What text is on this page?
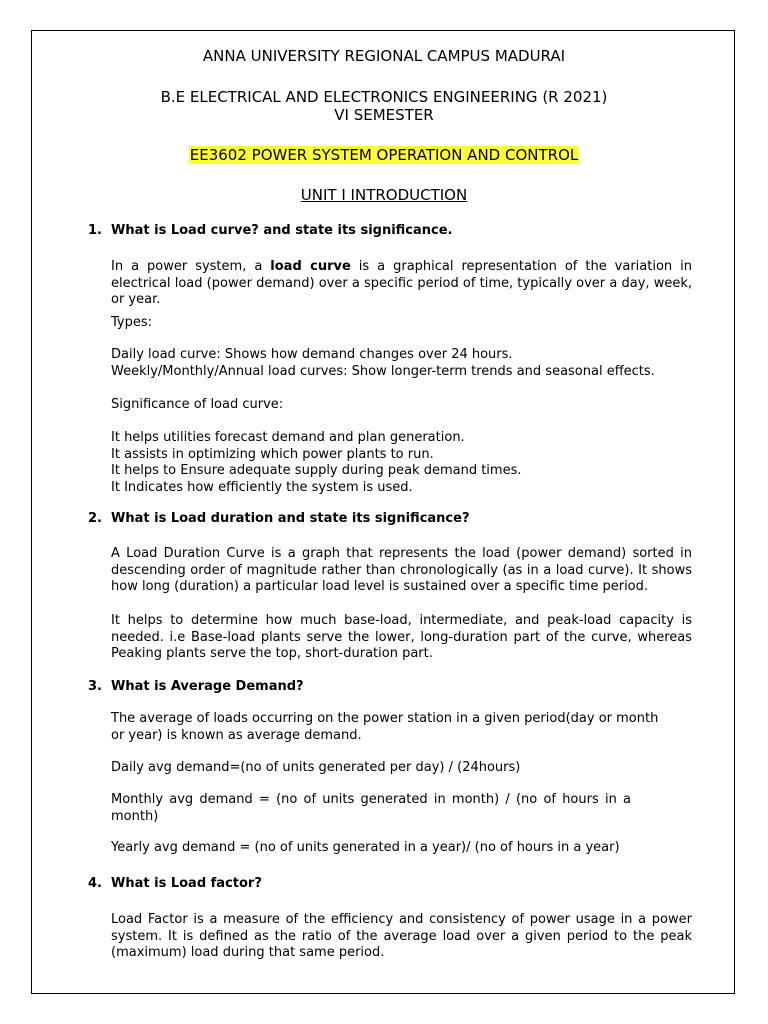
ANNA UNIVERSITY REGIONAL CAMPUS MADURAI
B.E ELECTRICAL AND ELECTRONICS ENGINEERING (R 2021)
VI SEMESTER
EE3602 POWER SYSTEM OPERATION AND CONTROL
UNIT I INTRODUCTION
1. What is Load curve? and state its significance.

In a power system, a load curve is a graphical representation of the variation in electrical load (power demand) over a specific period of time, typically over a day, week, or year.

Types:
Daily load curve: Shows how demand changes over 24 hours.
Weekly/Monthly/Annual load curves: Show longer-term trends and seasonal effects.
Significance of load curve:
It helps utilities forecast demand and plan generation.
It assists in optimizing which power plants to run.
It helps to Ensure adequate supply during peak demand times.
It Indicates how efficiently the system is used.
2. What is Load duration and state its significance?

A Load Duration Curve is a graph that represents the load (power demand) sorted in descending order of magnitude rather than chronologically (as in a load curve). It shows how long (duration) a particular load level is sustained over a specific time period.

It helps to determine how much base-load, intermediate, and peak-load capacity is needed. i.e Base-load plants serve the lower, long-duration part of the curve, whereas Peaking plants serve the top, short-duration part.

3. What is Average Demand?

The average of loads occurring on the power station in a given period(day or month or year) is known as average demand.

Daily avg demand=(no of units generated per day) / (24hours)

Monthly avg demand = (no of units generated in month) / (no of hours in a month)

Yearly avg demand = (no of units generated in a year)/ (no of hours in a year)
4. What is Load factor?

Load Factor is a measure of the efficiency and consistency of power usage in a power system. It is defined as the ratio of the average load over a given period to the peak (maximum) load during that same period.
